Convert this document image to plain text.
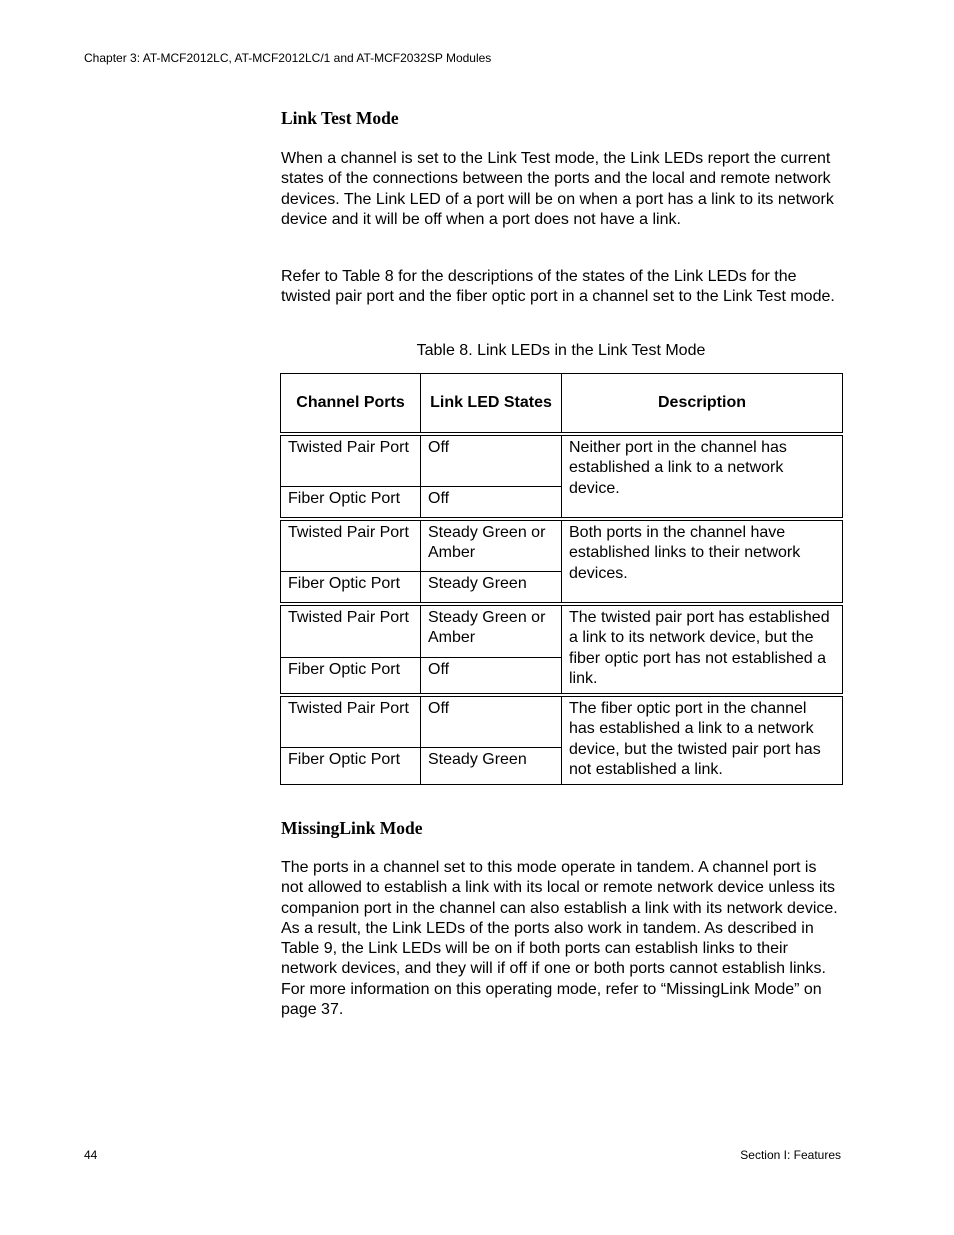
Chapter 3: AT-MCF2012LC, AT-MCF2012LC/1 and AT-MCF2032SP Modules
Link Test Mode

When a channel is set to the Link Test mode, the Link LEDs report the current states of the connections between the ports and the local and remote network devices. The Link LED of a port will be on when a port has a link to its network device and it will be off when a port does not have a link.

Refer to Table 8 for the descriptions of the states of the Link LEDs for the twisted pair port and the fiber optic port in a channel set to the Link Test mode.

Table 8. Link LEDs in the Link Test Mode
Channel Ports	Link LED States	Description
Twisted Pair Port	Off	Neither port in the channel has established a link to a network device.
Fiber Optic Port	Off	
Twisted Pair Port	Steady Green or Amber	Both ports in the channel have established links to their network devices.
Fiber Optic Port	Steady Green	
Twisted Pair Port	Steady Green or Amber	The twisted pair port has established a link to its network device, but the fiber optic port has not established a link.
Fiber Optic Port	Off	
Twisted Pair Port	Off	The fiber optic port in the channel has established a link to a network device, but the twisted pair port has not established a link.
Fiber Optic Port	Steady Green	
MissingLink Mode

The ports in a channel set to this mode operate in tandem. A channel port is not allowed to establish a link with its local or remote network device unless its companion port in the channel can also establish a link with its network device. As a result, the Link LEDs of the ports also work in tandem. As described in Table 9, the Link LEDs will be on if both ports can establish links to their network devices, and they will if off if one or both ports cannot establish links. For more information on this operating mode, refer to “MissingLink Mode” on page 37.

44	Section I: Features
